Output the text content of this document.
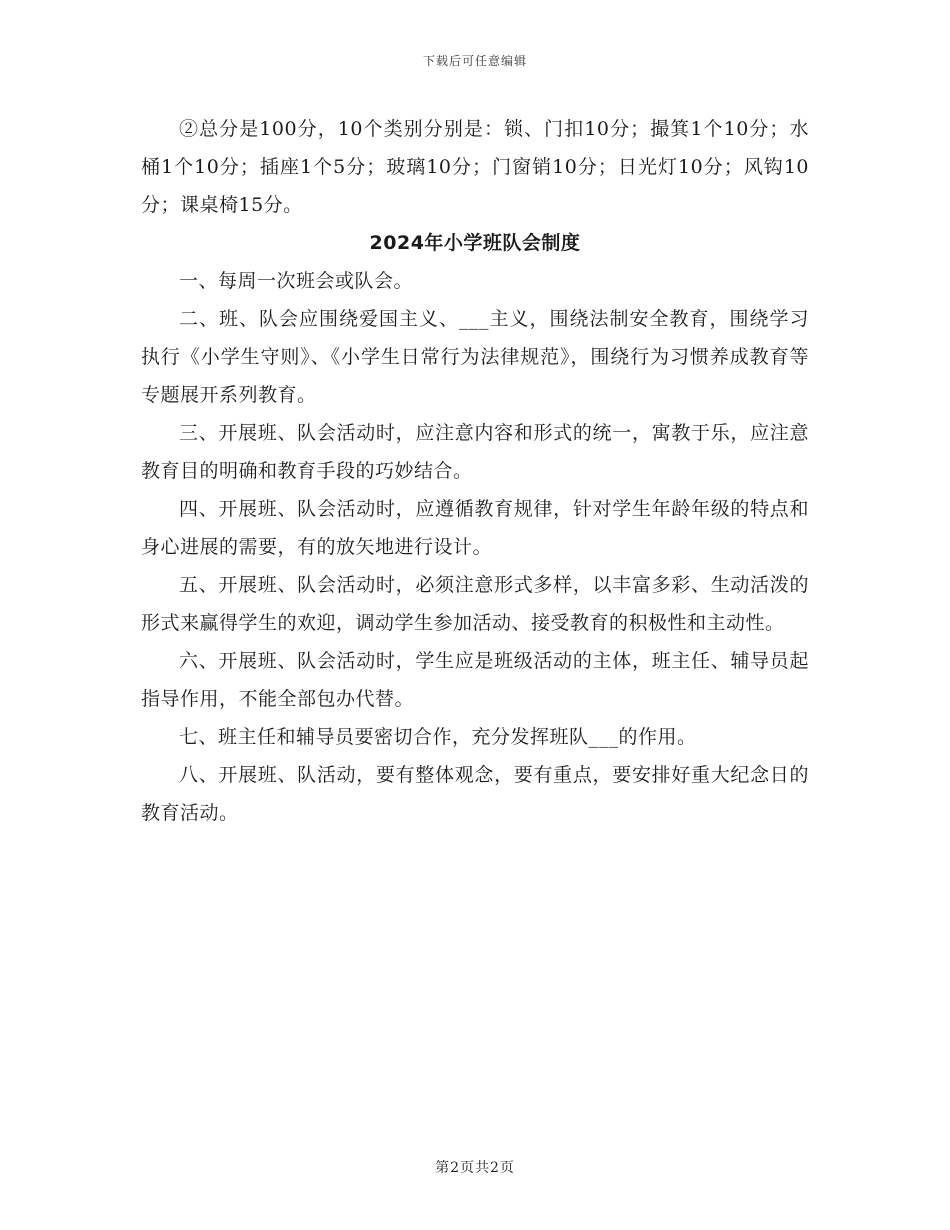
下载后可任意编辑

②总分是100分，10个类别分别是：锁、门扣10分；撮箕1个10分；水桶1个10分；插座1个5分；玻璃10分；门窗销10分；日光灯10分；风钩10分；课桌椅15分。

2024年小学班队会制度

一、每周一次班会或队会。

二、班、队会应围绕爱国主义、___主义，围绕法制安全教育，围绕学习执行《小学生守则》、《小学生日常行为法律规范》，围绕行为习惯养成教育等专题展开系列教育。

三、开展班、队会活动时，应注意内容和形式的统一，寓教于乐，应注意教育目的明确和教育手段的巧妙结合。

四、开展班、队会活动时，应遵循教育规律，针对学生年龄年级的特点和身心进展的需要，有的放矢地进行设计。

五、开展班、队会活动时，必须注意形式多样，以丰富多彩、生动活泼的形式来赢得学生的欢迎，调动学生参加活动、接受教育的积极性和主动性。

六、开展班、队会活动时，学生应是班级活动的主体，班主任、辅导员起指导作用，不能全部包办代替。

七、班主任和辅导员要密切合作，充分发挥班队___的作用。

八、开展班、队活动，要有整体观念，要有重点，要安排好重大纪念日的教育活动。

第2页共2页
